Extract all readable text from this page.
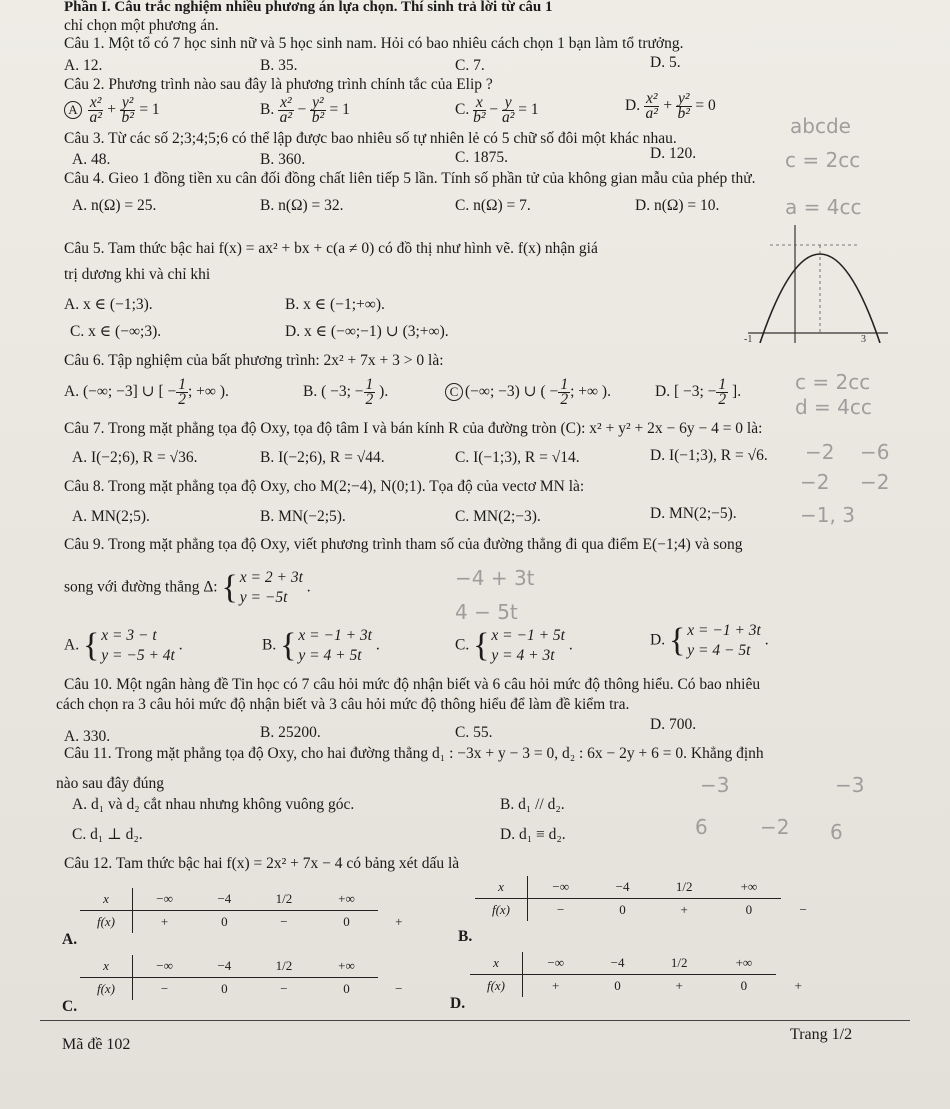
Phần I. Câu trắc nghiệm nhiều phương án lựa chọn. Thí sinh trả lời từ câu 1
chỉ chọn một phương án.
Câu 1. Một tổ có 7 học sinh nữ và 5 học sinh nam. Hỏi có bao nhiêu cách chọn 1 bạn làm tổ trưởng.
A. 12.	B. 35.	C. 7.	D. 5.
Câu 2. Phương trình nào sau đây là phương trình chính tắc của Elip ?
A $\frac{\text{x²}}{\text{a²}} + \frac{\text{y²}}{\text{b²}} = 1$	B. $\frac{\text{x²}}{\text{a²}} - \frac{\text{y²}}{\text{b²}} = 1$	C. $\frac{x}{\text{b²}} - \frac{y}{\text{a²}} = 1$	D. $\frac{\text{x²}}{\text{a²}} + \frac{\text{y²}}{\text{b²}} = 0$
Câu 3. Từ các số 2;3;4;5;6 có thể lập được bao nhiêu số tự nhiên lẻ có 5 chữ số đôi một khác nhau.
A. 48.	B. 360.	C. 1875.	D. 120.
Câu 4. Gieo 1 đồng tiền xu cân đối đồng chất liên tiếp 5 lần. Tính số phần tử của không gian mẫu của phép thử.
A. n(Ω) = 25.	B. n(Ω) = 32.	C. n(Ω) = 7.	D. n(Ω) = 10.
Câu 5. Tam thức bậc hai f(x) = ax² + bx + c(a ≠ 0) có đồ thị như hình vẽ. f(x) nhận giá
trị dương khi và chỉ khi
A. x ∈ (−1;3).	B. x ∈ (−1;+∞).
C. x ∈ (−∞;3).	D. x ∈ (−∞;−1) ∪ (3;+∞).	-1	3
Câu 6. Tập nghiệm của bất phương trình: 2x² + 7x + 3 > 0 là:
A. (−∞; −3] ∪ [ − $\frac{1}{2}$ ; +∞ ).	B. ( −3; − $\frac{1}{2}$ ).	C (−∞; −3) ∪ ( − $\frac{1}{2}$ ; +∞ ).	D. [ −3; − $\frac{1}{2}$ ].
Câu 7. Trong mặt phẳng tọa độ Oxy, tọa độ tâm I và bán kính R của đường tròn (C): x² + y² + 2x − 6y − 4 = 0 là:
A. I(−2;6), R = √36.	B. I(−2;6), R = √44.	C. I(−1;3), R = √14.	D. I(−1;3), R = √6.
Câu 8. Trong mặt phẳng tọa độ Oxy, cho M(2;−4), N(0;1). Tọa độ của vectơ MN là:
A. MN(2;5).	B. MN(−2;5).	C. MN(2;−3).	D. MN(2;−5).
Câu 9. Trong mặt phẳng tọa độ Oxy, viết phương trình tham số của đường thẳng đi qua điểm E(−1;4) và song
song với đường thẳng Δ: { x = 2 + 3t
y = −5t
.
A. { x = 3 − t
y = −5 + 4t
.	B. { x = −1 + 3t
y = 4 + 5t
.	C. { x = −1 + 5t
y = 4 + 3t
.	D. { x = −1 + 3t
y = 4 − 5t
.
Câu 10. Một ngân hàng đề Tin học có 7 câu hỏi mức độ nhận biết và 6 câu hỏi mức độ thông hiểu. Có bao nhiêu
cách chọn ra 3 câu hỏi mức độ nhận biết và 3 câu hỏi mức độ thông hiểu để làm đề kiểm tra.
A. 330.	B. 25200.	C. 55.	D. 700.
Câu 11. Trong mặt phẳng tọa độ Oxy, cho hai đường thẳng d₁ : −3x + y − 3 = 0, d₂ : 6x − 2y + 6 = 0. Khẳng định
nào sau đây đúng
A. d₁ và d₂ cắt nhau nhưng không vuông góc.	B. d₁ // d₂.
C. d₁ ⊥ d₂.	D. d₁ ≡ d₂.
Câu 12. Tam thức bậc hai f(x) = 2x² + 7x − 4 có bảng xét dấu là
A.
x	−∞	−4	1/2	+∞	
f(x)	+	0	−	0	+
B.
x	−∞	−4	1/2	+∞	
f(x)	−	0	+	0	−
C.
x	−∞	−4	1/2	+∞	
f(x)	−	0	−	0	−
D.
x	−∞	−4	1/2	+∞	
f(x)	+	0	+	0	+
Mã đề 102
Trang 1/2
abcde
c = 2cc
a = 4cc
c = 2cc
d = 4cc
−2 −6
−2 −2
−1, 3
−4 + 3t
4 − 5t
−3	−3
6	−2 6
